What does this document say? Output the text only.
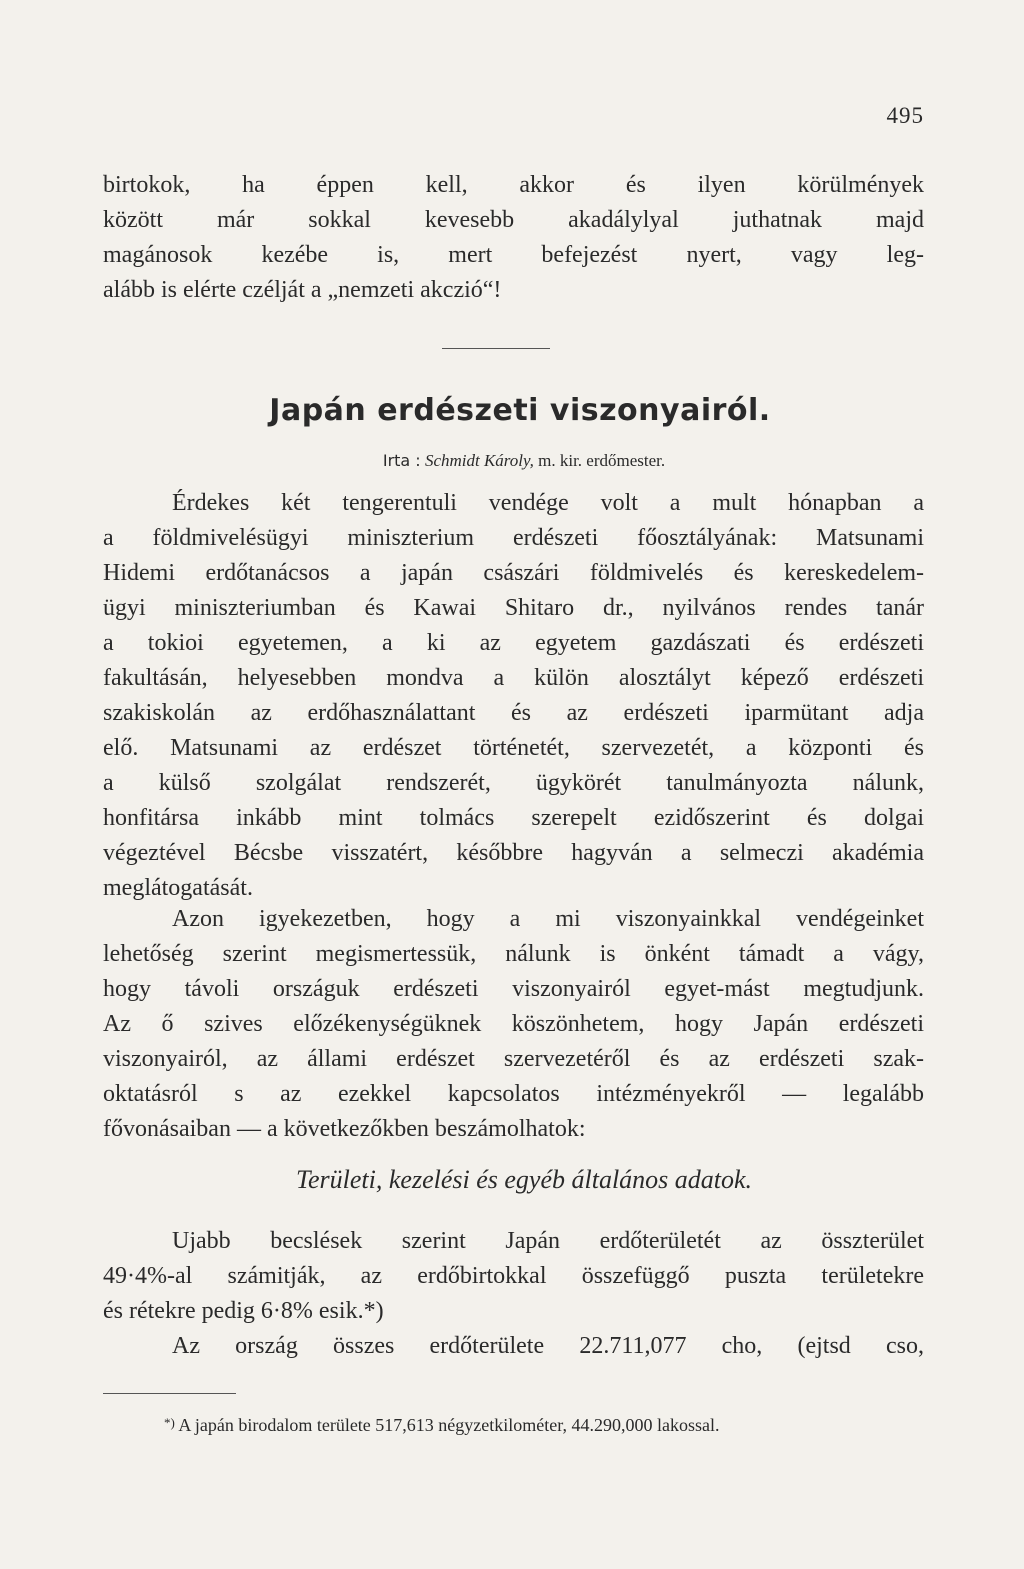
495
birtokok, ha éppen kell, akkor és ilyen körülmények
között már sokkal kevesebb akadálylyal juthatnak majd
magánosok kezébe is, mert befejezést nyert, vagy leg-
alább is elérte czélját a „nemzeti akczió“!
Japán erdészeti viszonyairól.
Irta : Schmidt Károly, m. kir. erdőmester.
Érdekes két tengerentuli vendége volt a mult hónapban a
a földmivelésügyi miniszterium erdészeti főosztályának: Matsunami
Hidemi erdőtanácsos a japán császári földmivelés és kereskedelem-
ügyi miniszteriumban és Kawai Shitaro dr., nyilvános rendes tanár
a tokioi egyetemen, a ki az egyetem gazdászati és erdészeti
fakultásán, helyesebben mondva a külön alosztályt képező erdészeti
szakiskolán az erdőhasználattant és az erdészeti iparmütant adja
elő. Matsunami az erdészet történetét, szervezetét, a központi és
a külső szolgálat rendszerét, ügykörét tanulmányozta nálunk,
honfitársa inkább mint tolmács szerepelt ezidőszerint és dolgai
végeztével Bécsbe visszatért, későbbre hagyván a selmeczi akadémia
meglátogatását.
Azon igyekezetben, hogy a mi viszonyainkkal vendégeinket
lehetőség szerint megismertessük, nálunk is önként támadt a vágy,
hogy távoli országuk erdészeti viszonyairól egyet-mást megtudjunk.
Az ő szives előzékenységüknek köszönhetem, hogy Japán erdészeti
viszonyairól, az állami erdészet szervezetéről és az erdészeti szak-
oktatásról s az ezekkel kapcsolatos intézményekről — legalább
fővonásaiban — a következőkben beszámolhatok:
Területi, kezelési és egyéb általános adatok.
Ujabb becslések szerint Japán erdőterületét az összterület
49·4%-al számitják, az erdőbirtokkal összefüggő puszta területekre
és rétekre pedig 6·8% esik.*)
Az ország összes erdőterülete 22.711,077 cho, (ejtsd cso,
*) A japán birodalom területe 517,613 négyzetkilométer, 44.290,000 lakossal.
